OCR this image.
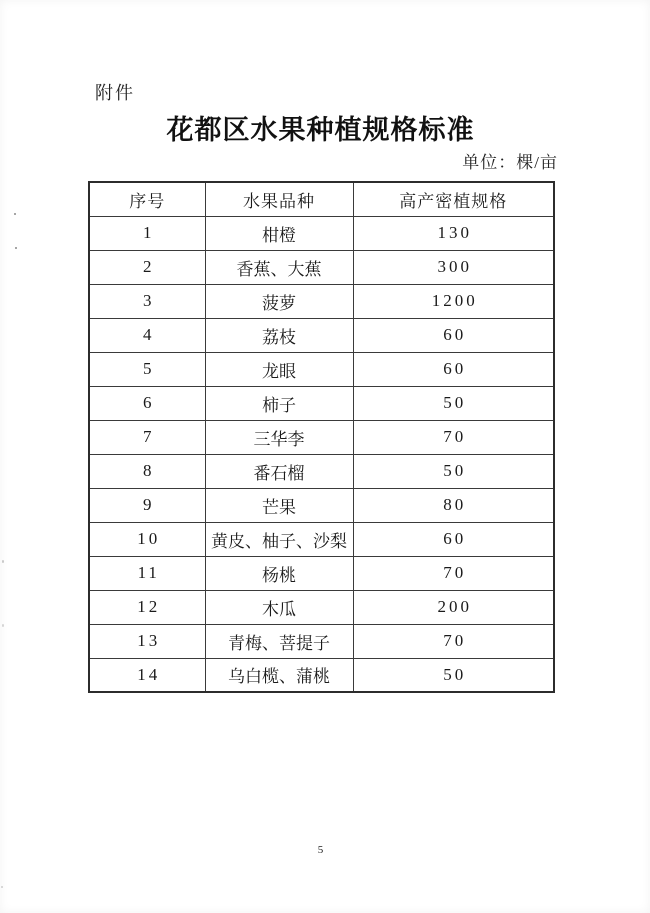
附件
花都区水果种植规格标准
单位：棵/亩
序号	水果品种	高产密植规格
1	柑橙	130
2	香蕉、大蕉	300
3	菠萝	1200
4	荔枝	60
5	龙眼	60
6	柿子	50
7	三华李	70
8	番石榴	50
9	芒果	80
10	黄皮、柚子、沙梨	60
11	杨桃	70
12	木瓜	200
13	青梅、菩提子	70
14	乌白榄、蒲桃	50
5
